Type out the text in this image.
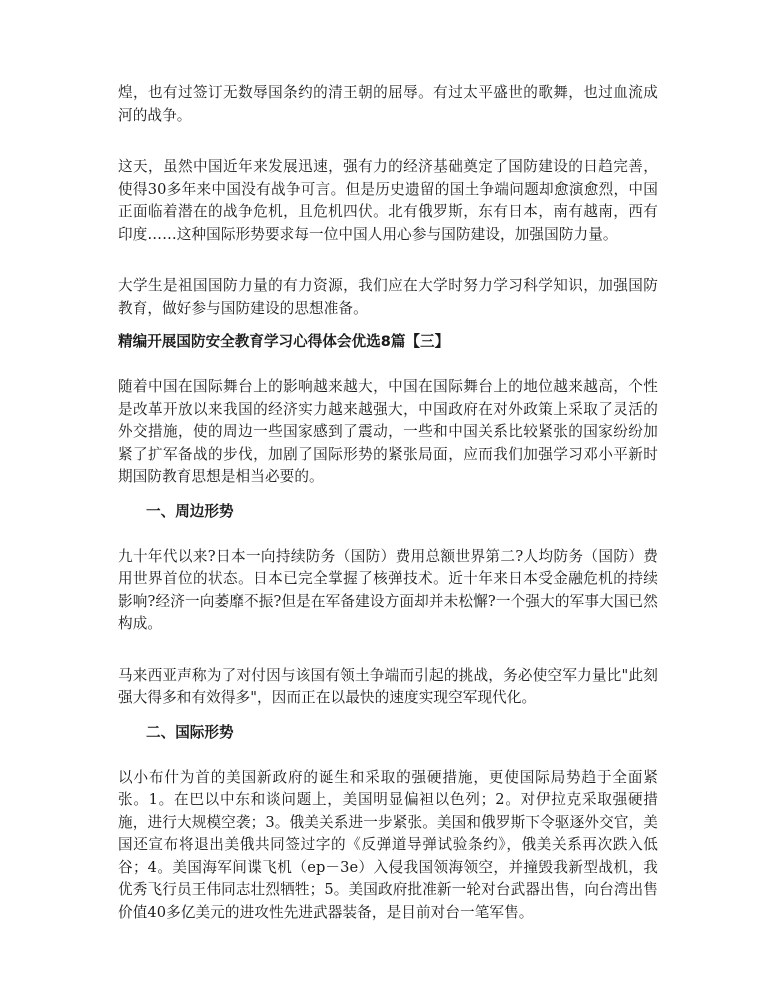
煌，也有过签订无数辱国条约的清王朝的屈辱。有过太平盛世的歌舞，也过血流成河的战争。

这天，虽然中国近年来发展迅速，强有力的经济基础奠定了国防建设的日趋完善，使得30多年来中国没有战争可言。但是历史遗留的国土争端问题却愈演愈烈，中国正面临着潜在的战争危机，且危机四伏。北有俄罗斯，东有日本，南有越南，西有印度……这种国际形势要求每一位中国人用心参与国防建设，加强国防力量。

大学生是祖国国防力量的有力资源，我们应在大学时努力学习科学知识，加强国防教育，做好参与国防建设的思想准备。

精编开展国防安全教育学习心得体会优选8篇【三】

随着中国在国际舞台上的影响越来越大，中国在国际舞台上的地位越来越高，个性是改革开放以来我国的经济实力越来越强大，中国政府在对外政策上采取了灵活的外交措施，使的周边一些国家感到了震动，一些和中国关系比较紧张的国家纷纷加紧了扩军备战的步伐，加剧了国际形势的紧张局面，应而我们加强学习邓小平新时期国防教育思想是相当必要的。

一、周边形势

九十年代以来?日本一向持续防务（国防）费用总额世界第二?人均防务（国防）费用世界首位的状态。日本已完全掌握了核弹技术。近十年来日本受金融危机的持续影响?经济一向萎靡不振?但是在军备建设方面却并未松懈?一个强大的军事大国已然构成。

马来西亚声称为了对付因与该国有领土争端而引起的挑战，务必使空军力量比"此刻强大得多和有效得多"，因而正在以最快的速度实现空军现代化。

二、国际形势

以小布什为首的美国新政府的诞生和采取的强硬措施，更使国际局势趋于全面紧张。1。在巴以中东和谈问题上，美国明显偏袒以色列；2。对伊拉克采取强硬措施，进行大规模空袭；3。俄美关系进一步紧张。美国和俄罗斯下令驱逐外交官，美国还宣布将退出美俄共同签过字的《反弹道导弹试验条约》，俄美关系再次跌入低谷；4。美国海军间谍飞机（ep－3e）入侵我国领海领空，并撞毁我新型战机，我优秀飞行员王伟同志壮烈牺牲；5。美国政府批准新一轮对台武器出售，向台湾出售价值40多亿美元的进攻性先进武器装备，是目前对台一笔军售。
